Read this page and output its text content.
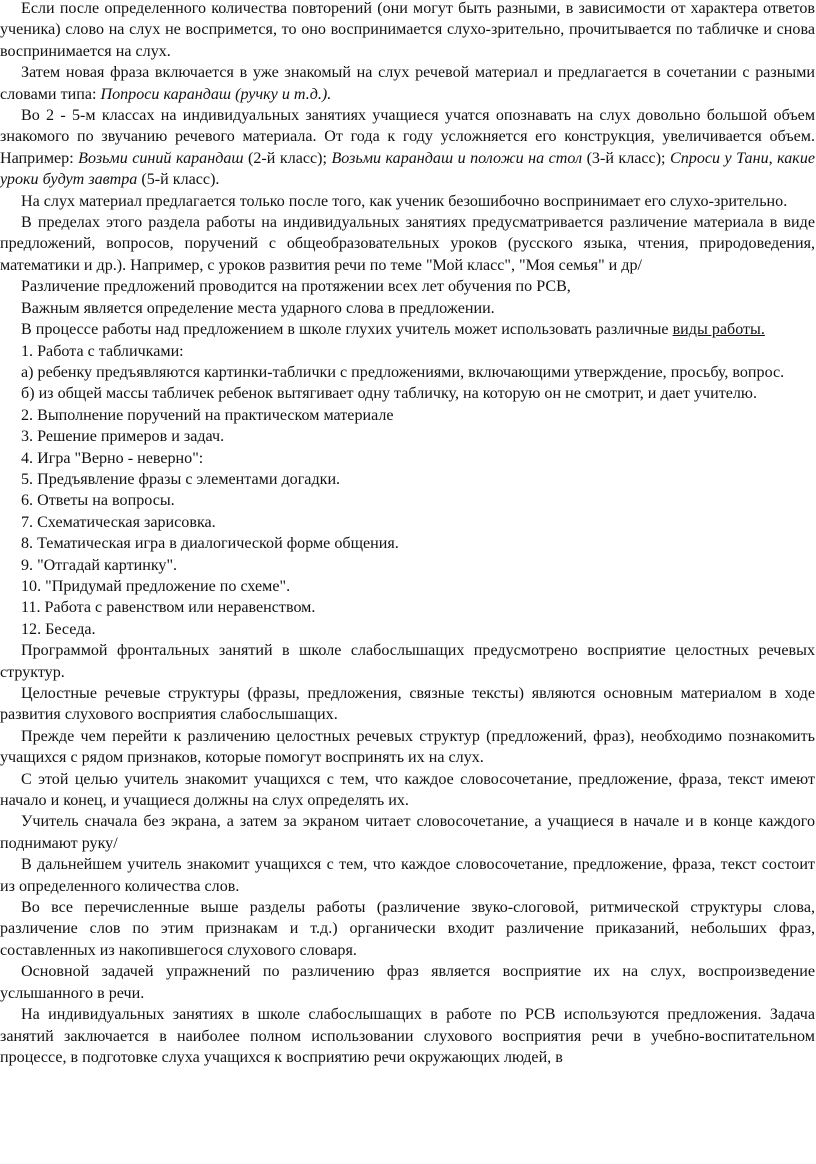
Если после определенного количества повторений (они могут быть разными, в зависимости от характера ответов ученика) слово на слух не воспримется, то оно воспринимается слухо-зрительно, прочитывается по табличке и снова воспринимается на слух.

Затем новая фраза включается в уже знакомый на слух речевой материал и предлагается в сочетании с разными словами типа: Попроси карандаш (ручку и т.д.).

Во 2 - 5-м классах на индивидуальных занятиях учащиеся учатся опознавать на слух довольно большой объем знакомого по звучанию речевого материала. От года к году усложняется его конструкция, увеличивается объем. Например: Возьми синий карандаш (2-й класс); Возьми карандаш и положи на стол (3-й класс); Спроси у Тани, какие уроки будут завтра (5-й класс).

На слух материал предлагается только после того, как ученик безошибочно воспринимает его слухо-зрительно.

В пределах этого раздела работы на индивидуальных занятиях предусматривается различение материала в виде предложений, вопросов, поручений с общеобразовательных уроков (русского языка, чтения, природоведения, математики и др.). Например, с уроков развития речи по теме "Мой класс", "Моя семья" и др/

Различение предложений проводится на протяжении всех лет обучения по РСВ,

Важным является определение места ударного слова в предложении.

В процессе работы над предложением в школе глухих учитель может использовать различные виды работы.

1. Работа с табличками:

а) ребенку предъявляются картинки-таблички с предложениями, включающими утверждение, просьбу, вопрос.

б) из общей массы табличек ребенок вытягивает одну табличку, на которую он не смотрит, и дает учителю.

2. Выполнение поручений на практическом материале

3. Решение примеров и задач.

4. Игра "Верно - неверно":

5. Предъявление фразы с элементами догадки.

6. Ответы на вопросы.

7. Схематическая зарисовка.

8. Тематическая игра в диалогической форме общения.

9. "Отгадай картинку".

10. "Придумай предложение по схеме".

11. Работа с равенством или неравенством.

12. Беседа.

Программой фронтальных занятий в школе слабослышащих предусмотрено восприятие целостных речевых структур.

Целостные речевые структуры (фразы, предложения, связные тексты) являются основным материалом в ходе развития слухового восприятия слабослышащих.

Прежде чем перейти к различению целостных речевых структур (предложений, фраз), необходимо познакомить учащихся с рядом признаков, которые помогут воспринять их на слух.

С этой целью учитель знакомит учащихся с тем, что каждое словосочетание, предложение, фраза, текст имеют начало и конец, и учащиеся должны на слух определять их.

Учитель сначала без экрана, а затем за экраном читает словосочетание, а учащиеся в начале и в конце каждого поднимают руку/

В дальнейшем учитель знакомит учащихся с тем, что каждое словосочетание, предложение, фраза, текст состоит из определенного количества слов.

Во все перечисленные выше разделы работы (различение звуко-слоговой, ритмической структуры слова, различение слов по этим признакам и т.д.) органически входит различение приказаний, небольших фраз, составленных из накопившегося слухового словаря.

Основной задачей упражнений по различению фраз является восприятие их на слух, воспроизведение услышанного в речи.

На индивидуальных занятиях в школе слабослышащих в работе по РСВ используются предложения. Задача занятий заключается в наиболее полном использовании слухового восприятия речи в учебно-воспитательном процессе, в подготовке слуха учащихся к восприятию речи окружающих людей, в
